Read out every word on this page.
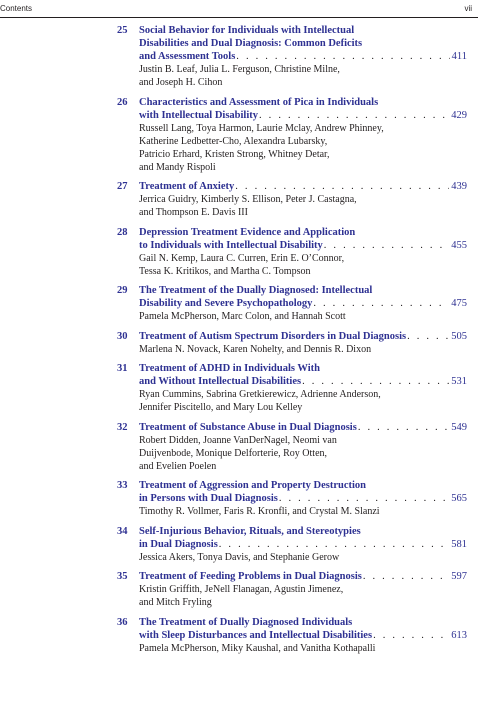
Contents	vii
25 Social Behavior for Individuals with Intellectual
Disabilities and Dual Diagnosis: Common Deficits
and Assessment Tools . . .	411
Justin B. Leaf, Julia L. Ferguson, Christine Milne,
and Joseph H. Cihon
26 Characteristics and Assessment of Pica in Individuals
with Intellectual Disability . . .	429
Russell Lang, Toya Harmon, Laurie Mclay, Andrew Phinney,
Katherine Ledbetter-Cho, Alexandra Lubarsky,
Patricio Erhard, Kristen Strong, Whitney Detar,
and Mandy Rispoli
27 Treatment of Anxiety . . .	439
Jerrica Guidry, Kimberly S. Ellison, Peter J. Castagna,
and Thompson E. Davis III
28 Depression Treatment Evidence and Application
to Individuals with Intellectual Disability . . .	455
Gail N. Kemp, Laura C. Curren, Erin E. O’Connor,
Tessa K. Kritikos, and Martha C. Tompson
29 The Treatment of the Dually Diagnosed: Intellectual
Disability and Severe Psychopathology . . .	475
Pamela McPherson, Marc Colon, and Hannah Scott
30 Treatment of Autism Spectrum Disorders in Dual Diagnosis . . .	505
Marlena N. Novack, Karen Nohelty, and Dennis R. Dixon
31 Treatment of ADHD in Individuals With
and Without Intellectual Disabilities . . .	531
Ryan Cummins, Sabrina Gretkierewicz, Adrienne Anderson,
Jennifer Piscitello, and Mary Lou Kelley
32 Treatment of Substance Abuse in Dual Diagnosis . . .	549
Robert Didden, Joanne VanDerNagel, Neomi van
Duijvenbode, Monique Delforterie, Roy Otten,
and Evelien Poelen
33 Treatment of Aggression and Property Destruction
in Persons with Dual Diagnosis . . .	565
Timothy R. Vollmer, Faris R. Kronfli, and Crystal M. Slanzi
34 Self-Injurious Behavior, Rituals, and Stereotypies
in Dual Diagnosis . . .	581
Jessica Akers, Tonya Davis, and Stephanie Gerow
35 Treatment of Feeding Problems in Dual Diagnosis . . .	597
Kristin Griffith, JeNell Flanagan, Agustin Jimenez,
and Mitch Fryling
36 The Treatment of Dually Diagnosed Individuals
with Sleep Disturbances and Intellectual Disabilities . . .	613
Pamela McPherson, Miky Kaushal, and Vanitha Kothapalli
